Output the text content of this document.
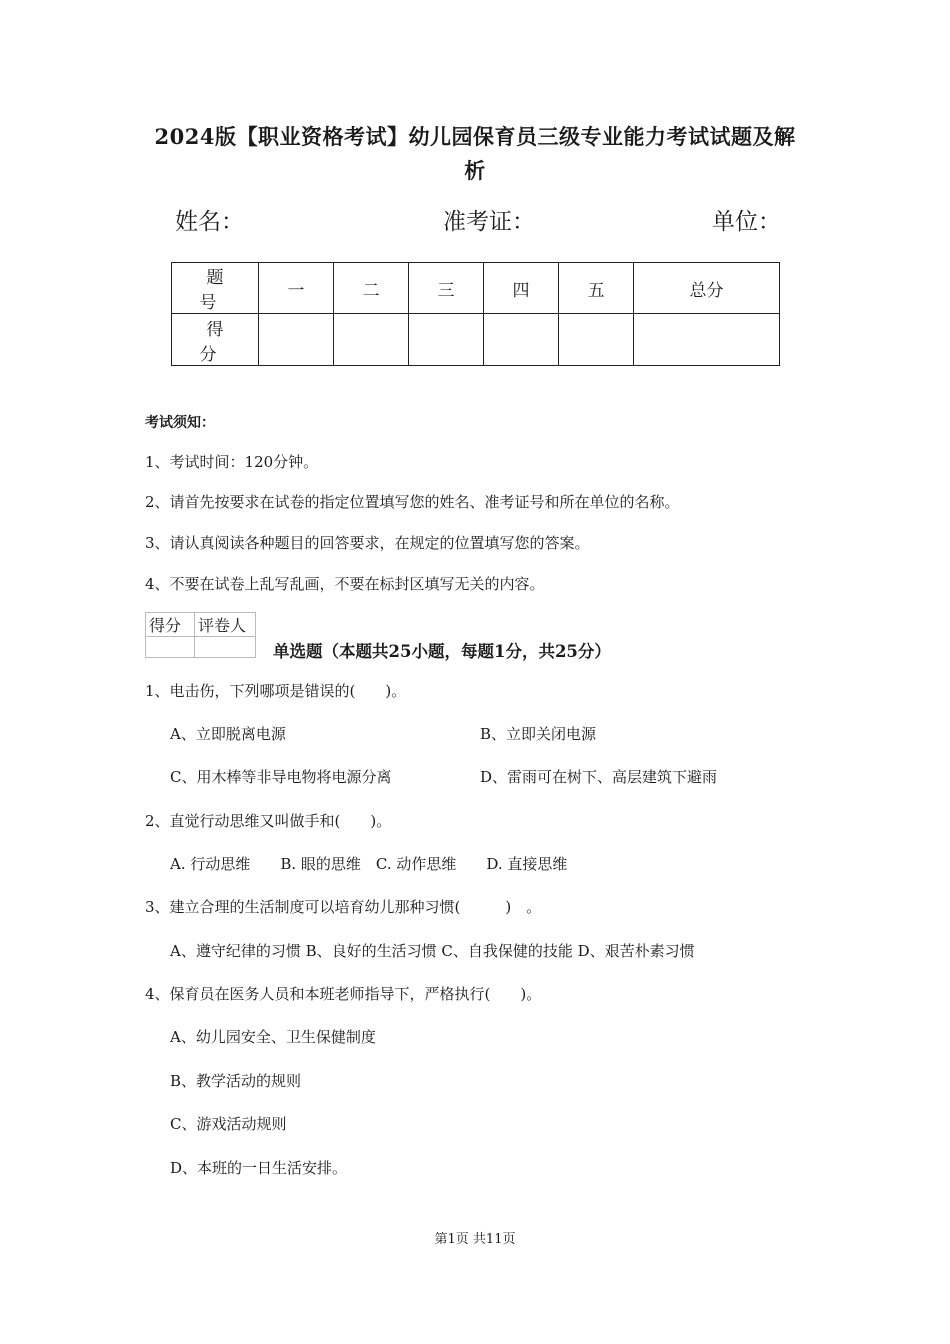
2024版【职业资格考试】幼儿园保育员三级专业能力考试试题及解
析
姓名：	准考证：	单位：
题　号	一	二	三	四	五	总分
得　分						
考试须知：
1、考试时间：120分钟。
2、请首先按要求在试卷的指定位置填写您的姓名、准考证号和所在单位的名称。
3、请认真阅读各种题目的回答要求，在规定的位置填写您的答案。
4、不要在试卷上乱写乱画，不要在标封区填写无关的内容。
得分	评卷人

单选题（本题共25小题，每题1分，共25分）
1、电击伤，下列哪项是错误的(　　)。
A、立即脱离电源	B、立即关闭电源
C、用木棒等非导电物将电源分离	D、雷雨可在树下、高层建筑下避雨
2、直觉行动思维又叫做手和(　　)。
A. 行动思维　　B. 眼的思维　C. 动作思维　　D. 直接思维
3、建立合理的生活制度可以培育幼儿那种习惯(　　　)　。
A、遵守纪律的习惯 B、良好的生活习惯 C、自我保健的技能 D、艰苦朴素习惯
4、保育员在医务人员和本班老师指导下，严格执行(　　)。
A、幼儿园安全、卫生保健制度
B、教学活动的规则
C、游戏活动规则
D、本班的一日生活安排。
第1页 共11页
